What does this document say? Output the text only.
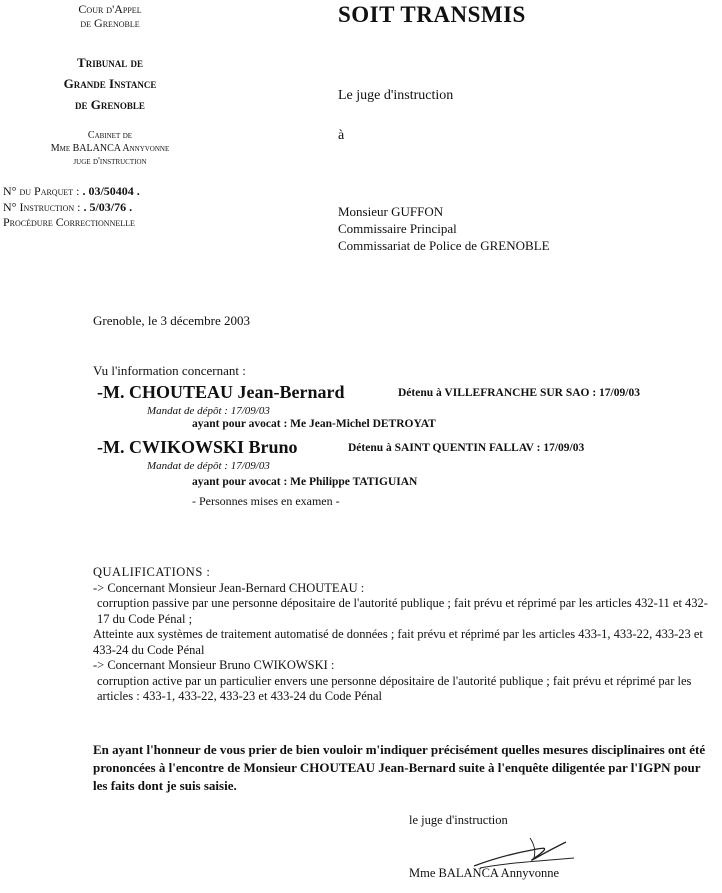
Cour d'Appel
de Grenoble
Tribunal de
Grande Instance
de Grenoble
Cabinet de
Mme BALANCA Annyvonne
juge d'instruction
N° du Parquet : . 03/50404 .
N° Instruction : . 5/03/76 .
Procédure Correctionnelle
SOIT TRANSMIS
Le juge d'instruction
à
Monsieur GUFFON
Commissaire Principal
Commissariat de Police de GRENOBLE
Grenoble, le 3 décembre 2003
Vu l'information concernant :
-M. CHOUTEAU Jean-Bernard	Détenu à VILLEFRANCHE SUR SAO : 17/09/03
Mandat de dépôt : 17/09/03
ayant pour avocat : Me Jean-Michel DETROYAT
-M. CWIKOWSKI Bruno	Détenu à SAINT QUENTIN FALLAV : 17/09/03
Mandat de dépôt : 17/09/03
ayant pour avocat : Me Philippe TATIGUIAN
- Personnes mises en examen -
QUALIFICATIONS :
-> Concernant Monsieur Jean-Bernard CHOUTEAU :
corruption passive par une personne dépositaire de l'autorité publique ; fait prévu et réprimé par les articles 432-11 et 432-17 du Code Pénal ;
Atteinte aux systèmes de traitement automatisé de données ; fait prévu et réprimé par les articles 433-1, 433-22, 433-23 et 433-24 du Code Pénal
-> Concernant Monsieur Bruno CWIKOWSKI :
corruption active par un particulier envers une personne dépositaire de l'autorité publique ; fait prévu et réprimé par les articles : 433-1, 433-22, 433-23 et 433-24 du Code Pénal
En ayant l'honneur de vous prier de bien vouloir m'indiquer précisément quelles mesures disciplinaires ont été prononcées à l'encontre de Monsieur CHOUTEAU Jean-Bernard suite à l'enquête diligentée par l'IGPN pour les faits dont je suis saisie.
le juge d'instruction
Mme BALANCA Annyvonne
